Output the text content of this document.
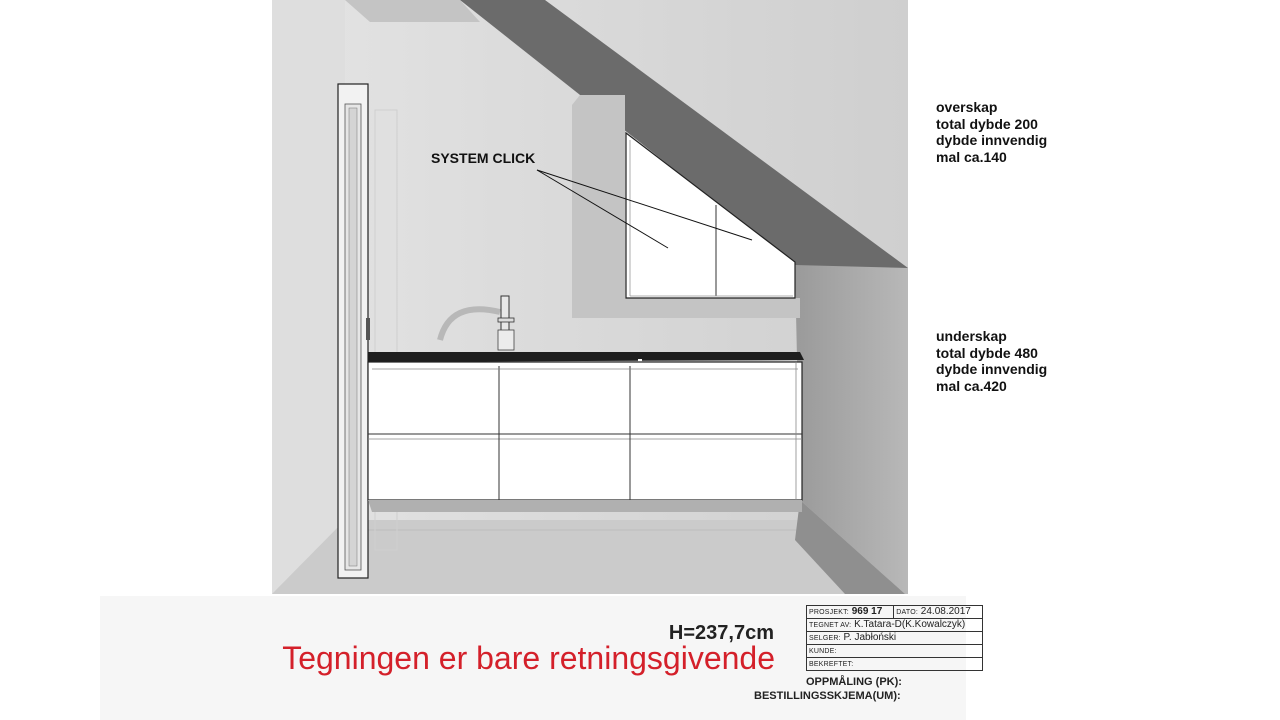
SYSTEM CLICK
overskap
total dybde 200
dybde innvendig
mal ca.140
underskap
total dybde 480
dybde innvendig
mal ca.420
H=237,7cm
Tegningen er bare retningsgivende
PROSJEKT: 969 17	DATO: 24.08.2017
TEGNET AV: K.Tatara-D(K.Kowalczyk)
SELGER: P. Jabłoński
KUNDE:
BEKREFTET:
OPPMÅLING (PK):
BESTILLINGSSKJEMA(UM):
